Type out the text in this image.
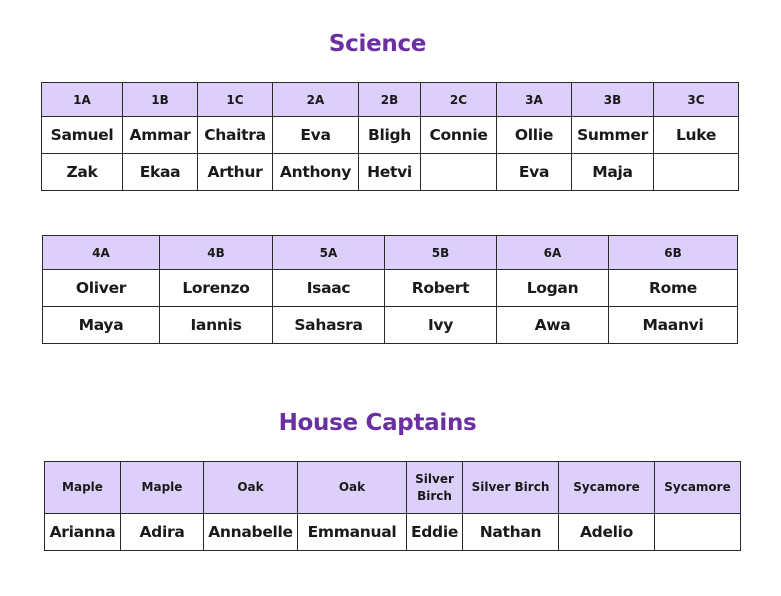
Science
1A	1B	1C	2A	2B	2C	3A	3B	3C
Samuel	Ammar	Chaitra	Eva	Bligh	Connie	Ollie	Summer	Luke
Zak	Ekaa	Arthur	Anthony	Hetvi		Eva	Maja	
4A	4B	5A	5B	6A	6B
Oliver	Lorenzo	Isaac	Robert	Logan	Rome
Maya	Iannis	Sahasra	Ivy	Awa	Maanvi
House Captains
Maple	Maple	Oak	Oak	Silver Birch	Silver Birch	Sycamore	Sycamore
Arianna	Adira	Annabelle	Emmanual	Eddie	Nathan	Adelio	
